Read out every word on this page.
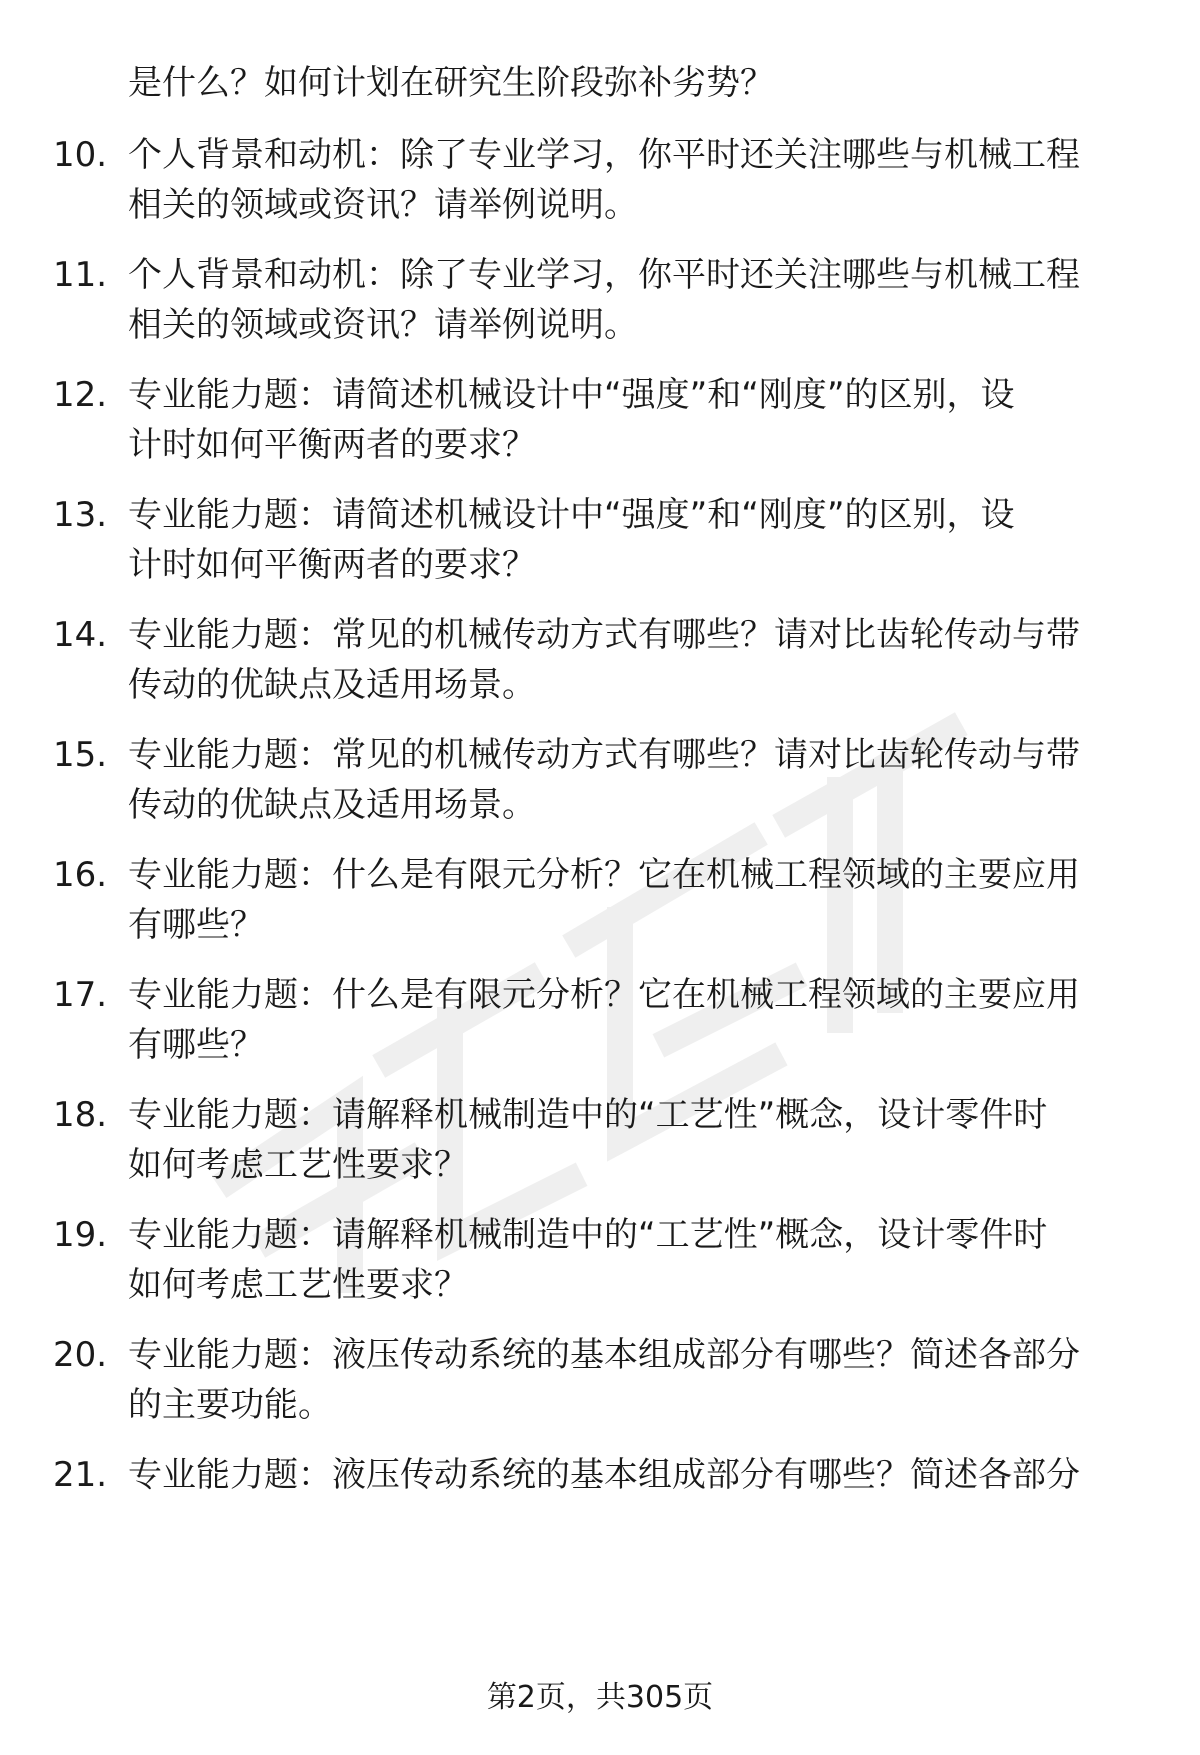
是什么？如何计划在研究生阶段弥补劣势？
10. 个人背景和动机：除了专业学习，你平时还关注哪些与机械工程
相关的领域或资讯？请举例说明。
11. 个人背景和动机：除了专业学习，你平时还关注哪些与机械工程
相关的领域或资讯？请举例说明。
12. 专业能力题：请简述机械设计中“强度”和“刚度”的区别，设
计时如何平衡两者的要求？
13. 专业能力题：请简述机械设计中“强度”和“刚度”的区别，设
计时如何平衡两者的要求？
14. 专业能力题：常见的机械传动方式有哪些？请对比齿轮传动与带
传动的优缺点及适用场景。
15. 专业能力题：常见的机械传动方式有哪些？请对比齿轮传动与带
传动的优缺点及适用场景。
16. 专业能力题：什么是有限元分析？它在机械工程领域的主要应用
有哪些？
17. 专业能力题：什么是有限元分析？它在机械工程领域的主要应用
有哪些？
18. 专业能力题：请解释机械制造中的“工艺性”概念，设计零件时
如何考虑工艺性要求？
19. 专业能力题：请解释机械制造中的“工艺性”概念，设计零件时
如何考虑工艺性要求？
20. 专业能力题：液压传动系统的基本组成部分有哪些？简述各部分
的主要功能。
21. 专业能力题：液压传动系统的基本组成部分有哪些？简述各部分
第2页，共305页
